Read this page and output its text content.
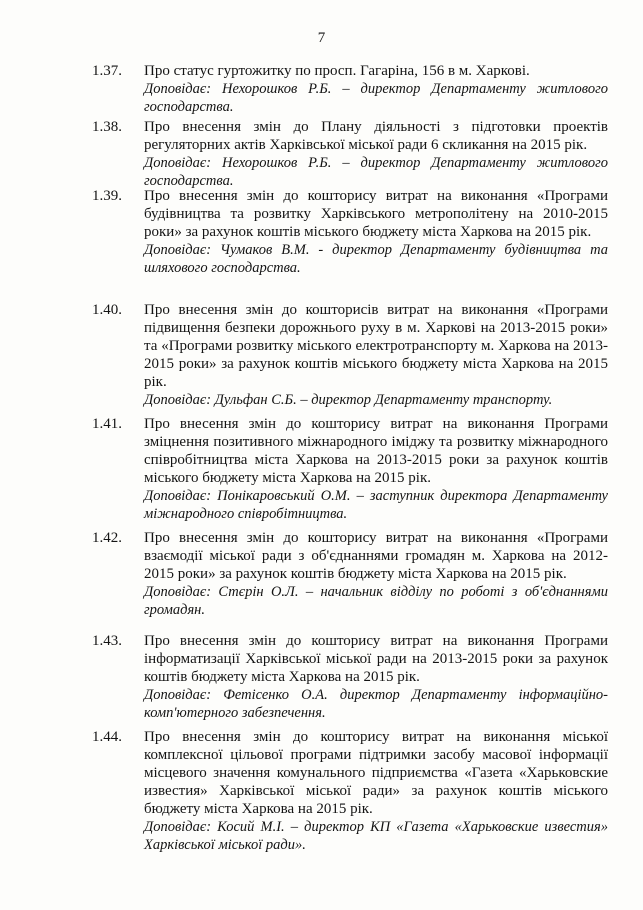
7
1.37.	Про статус гуртожитку по просп. Гагаріна, 156 в м. Харкові.
Доповідає: Нехорошков Р.Б. – директор Департаменту житлового господарства.
1.38.	Про внесення змін до Плану діяльності з підготовки проектів регуляторних актів Харківської міської ради 6 скликання на 2015 рік.
Доповідає: Нехорошков Р.Б. – директор Департаменту житлового господарства.
1.39.	Про внесення змін до кошторису витрат на виконання «Програми будівництва та розвитку Харківського метрополітену на 2010-2015 роки» за рахунок коштів міського бюджету міста Харкова на 2015 рік.
Доповідає: Чумаков В.М. - директор Департаменту будівництва та шляхового господарства.
1.40.	Про внесення змін до кошторисів витрат на виконання «Програми підвищення безпеки дорожнього руху в м. Харкові на 2013-2015 роки» та «Програми розвитку міського електротранспорту м. Харкова на 2013-2015 роки» за рахунок коштів міського бюджету міста Харкова на 2015 рік.
Доповідає: Дульфан С.Б. – директор Департаменту транспорту.
1.41.	Про внесення змін до кошторису витрат на виконання Програми зміцнення позитивного міжнародного іміджу та розвитку міжнародного співробітництва міста Харкова на 2013-2015 роки за рахунок коштів міського бюджету міста Харкова на 2015 рік.
Доповідає: Понікаровський О.М. – заступник директора Департаменту міжнародного співробітництва.
1.42.	Про внесення змін до кошторису витрат на виконання «Програми взаємодії міської ради з об'єднаннями громадян м. Харкова на 2012-2015 роки» за рахунок коштів бюджету міста Харкова на 2015 рік.
Доповідає: Стєрін О.Л. – начальник відділу по роботі з об'єднаннями громадян.
1.43.	Про внесення змін до кошторису витрат на виконання Програми інформатизації Харківської міської ради на 2013-2015 роки за рахунок коштів бюджету міста Харкова на 2015 рік.
Доповідає: Фетісенко О.А. директор Департаменту інформаційно-комп'ютерного забезпечення.
1.44.	Про внесення змін до кошторису витрат на виконання міської комплексної цільової програми підтримки засобу масової інформації місцевого значення комунального підприємства «Газета «Харьковские известия» Харківської міської ради» за рахунок коштів міського бюджету міста Харкова на 2015 рік.
Доповідає: Косий М.І. – директор КП «Газета «Харьковские известия» Харківської міської ради».
